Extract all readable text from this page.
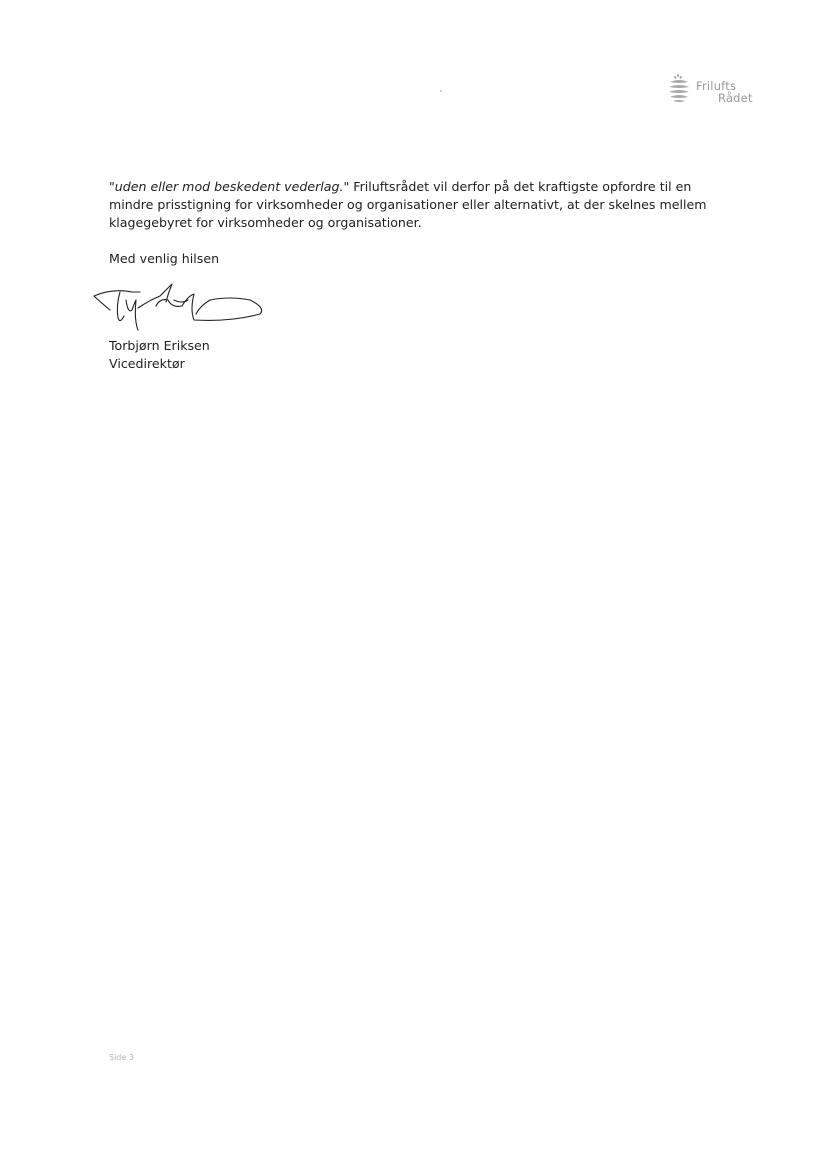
Frilufts
Rådet

"uden eller mod beskedent vederlag." Friluftsrådet vil derfor på det kraftigste opfordre til en mindre prisstigning for virksomheder og organisationer eller alternativt, at der skelnes mellem klagegebyret for virksomheder og organisationer.

Med venlig hilsen
Torbjørn Eriksen
Vicedirektør
Side 3
